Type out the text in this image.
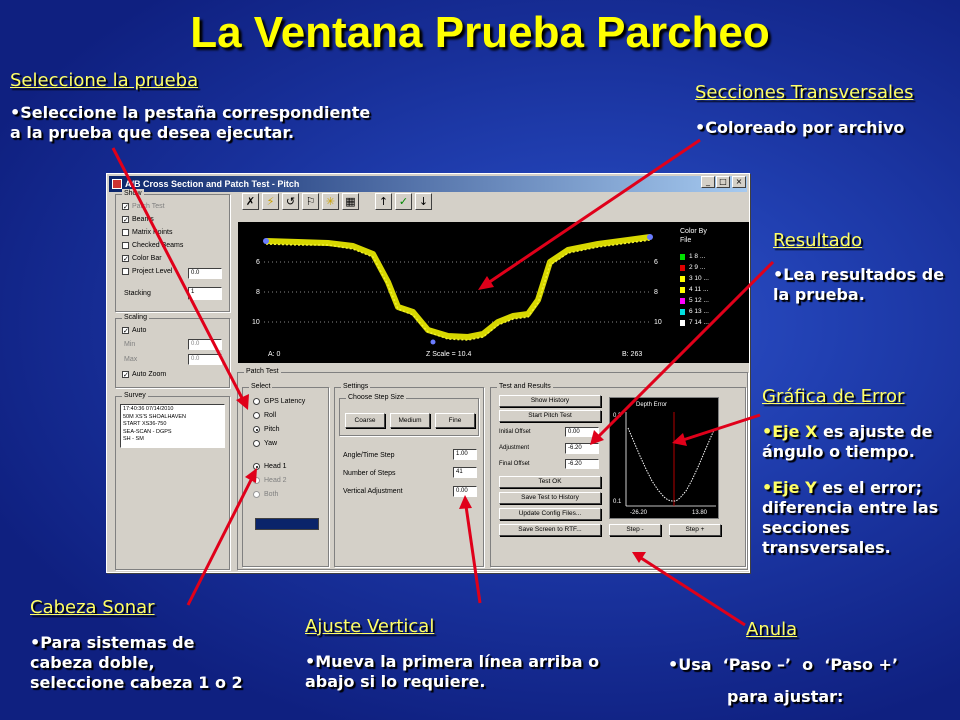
La Ventana Prueba Parcheo
A/B Cross Section and Patch Test - Pitch	_	□	×
✗	⚡	↺ ⚐ ✳ ▦	↑ ✓ ↓
Show
✓ Patch Test
✓ Beams
Matrix Points
Checked Beams
✓ Color Bar
Project Level	0.0
Stacking	1
Scaling
✓ Auto
Min	0.0
Max	0.0
✓ Auto Zoom
Survey
17:40:36 07/14/2010
50M XS'S SHOALHAVEN
START XS36-750
SEA-SCAN - DGPS
SH - SM
6
8
10
6
8
10
A: 0	Z Scale = 10.4	B: 263
Color By
File
1 8 ...
2 9 ...
3 10 ...
4 11 ...
5 12 ...
6 13 ...
7 14 ...
Patch Test
Select
GPS Latency
Roll
Pitch
Yaw
Head 1
Head 2
Both
Settings
Choose Step Size
Coarse	Medium	Fine
Angle/Time Step	1.00
Number of Steps	41
Vertical Adjustment	0.00
Test and Results
Show History
Start Pitch Test
Initial Offset	0.00
Adjustment	-6.20
Final Offset	-6.20
Test OK
Save Test to History
Update Config Files...
Save Screen to RTF...	Step -	Step +
Depth Error
0.3
0.1
-26.20	13.80
Seleccione la prueba
•Seleccione la pestaña correspondiente
a la prueba que desea ejecutar.
Secciones Transversales
•Coloreado por archivo
Resultado
•Lea resultados de
la prueba.
Gráfica de Error
•Eje X es ajuste de
ángulo o tiempo.
•Eje Y es el error;
diferencia entre las
secciones
transversales.
Cabeza Sonar
•Para sistemas de
cabeza doble,
seleccione cabeza 1 o 2
Ajuste Vertical
•Mueva la primera línea arriba o
abajo si lo requiere.
Anula
•Usa  ‘Paso –’  o  ‘Paso +’
para ajustar:
